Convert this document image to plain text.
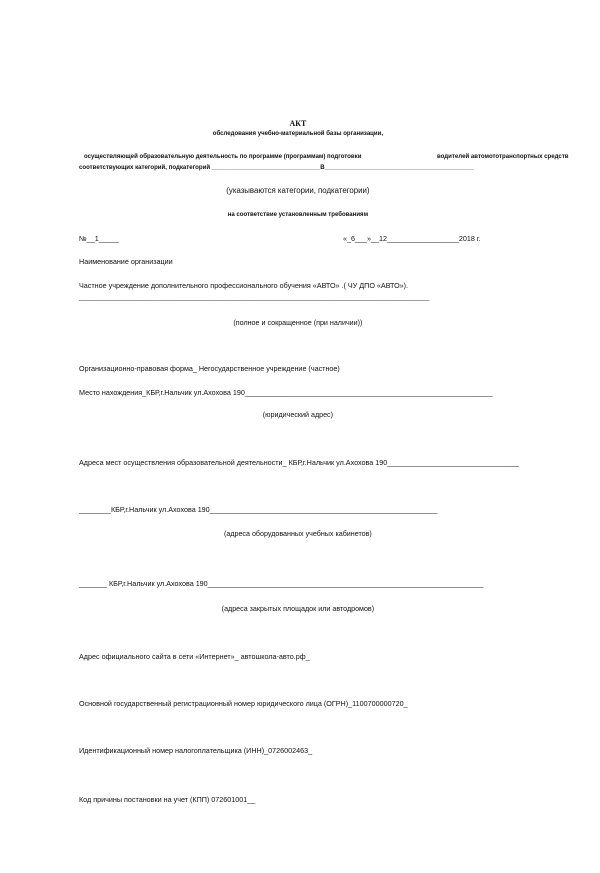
АКТ
обследования учебно-материальной базы организации,
осуществляющей образовательную деятельность по программе (программам) подготовки	водителей автомототранспортных средств
соответствующих категорий, подкатегорий ________________________________В____________________________________________
(указываются категории, подкатегории)
на соответствие установленным требованиям
№__1_____	«_6___»__12__________________2018 г.
Наименование организации
Частное учреждение дополнительного профессионального обучения «АВТО» .( ЧУ ДПО «АВТО»).
_________________________________________________________________________________________________________
(полное и сокращенное (при наличии))
Организационно-правовая форма_ Негосударственное учреждение (частное)
Место нахождения_КБР,г.Нальчик ул.Ахохова 190______________________________________________________________
(юридический адрес)
Адреса мест осуществления образовательной деятельности_ КБР,г.Нальчик ул.Ахохова 190_________________________________
________КБР,г.Нальчик ул.Ахохова 190_________________________________________________________
(адреса оборудованных учебных кабинетов)
_______ КБР,г.Нальчик ул.Ахохова 190_____________________________________________________________________
(адреса закрытых площадок или автодромов)
Адрес официального сайта в сети «Интернет»_ автошкола-авто.рф_
Основной государственный регистрационный номер юридического лица (ОГРН)_1100700000720_
Идентификационный номер налогоплательщика (ИНН)_0726002463_
Код причины постановки на учет (КПП) 072601001__
